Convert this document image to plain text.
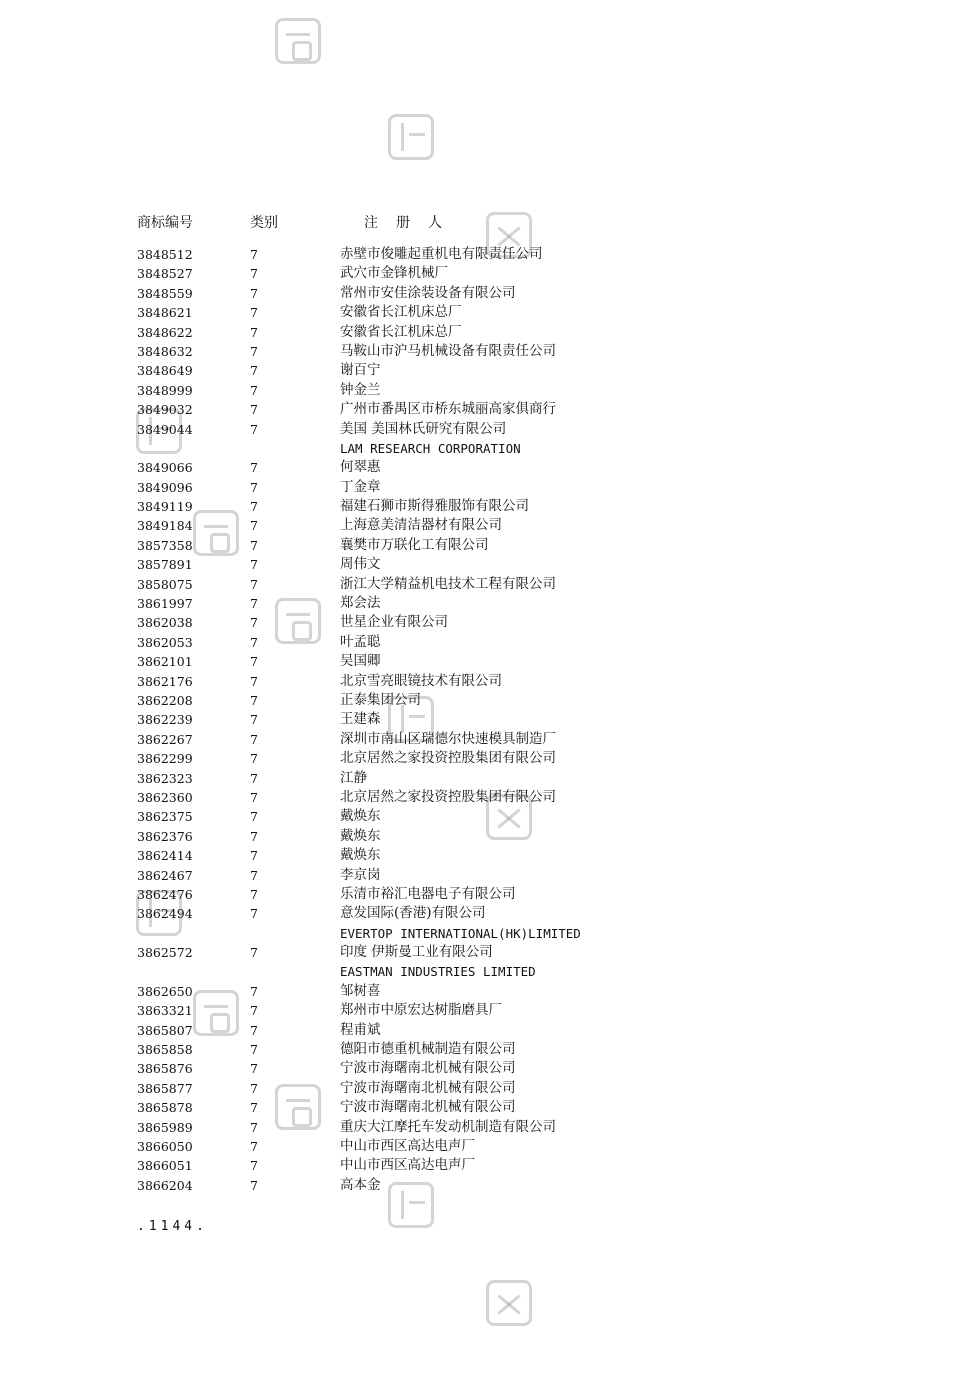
商标编号	类别	注册人
3848512	7	赤壁市俊雕起重机电有限责任公司
3848527	7	武穴市金锋机械厂
3848559	7	常州市安佳涂装设备有限公司
3848621	7	安徽省长江机床总厂
3848622	7	安徽省长江机床总厂
3848632	7	马鞍山市沪马机械设备有限责任公司
3848649	7	谢百宁
3848999	7	钟金兰
3849032	7	广州市番禺区市桥东城丽高家俱商行
3849044	7	美国 美国林氏研究有限公司
LAM RESEARCH CORPORATION
3849066	7	何翠惠
3849096	7	丁金章
3849119	7	福建石狮市斯得雅服饰有限公司
3849184	7	上海意美清洁器材有限公司
3857358	7	襄樊市万联化工有限公司
3857891	7	周伟文
3858075	7	浙江大学精益机电技术工程有限公司
3861997	7	郑会法
3862038	7	世星企业有限公司
3862053	7	叶孟聪
3862101	7	吴国卿
3862176	7	北京雪亮眼镜技术有限公司
3862208	7	正泰集团公司
3862239	7	王建森
3862267	7	深圳市南山区瑞德尔快速模具制造厂
3862299	7	北京居然之家投资控股集团有限公司
3862323	7	江静
3862360	7	北京居然之家投资控股集团有限公司
3862375	7	戴焕东
3862376	7	戴焕东
3862414	7	戴焕东
3862467	7	李京岗
3862476	7	乐清市裕汇电器电子有限公司
3862494	7	意发国际(香港)有限公司
EVERTOP INTERNATIONAL(HK)LIMITED
3862572	7	印度 伊斯曼工业有限公司
EASTMAN INDUSTRIES LIMITED
3862650	7	邹树喜
3863321	7	郑州市中原宏达树脂磨具厂
3865807	7	程甫斌
3865858	7	德阳市德重机械制造有限公司
3865876	7	宁波市海曙南北机械有限公司
3865877	7	宁波市海曙南北机械有限公司
3865878	7	宁波市海曙南北机械有限公司
3865989	7	重庆大江摩托车发动机制造有限公司
3866050	7	中山市西区高达电声厂
3866051	7	中山市西区高达电声厂
3866204	7	高本金
.1144.
